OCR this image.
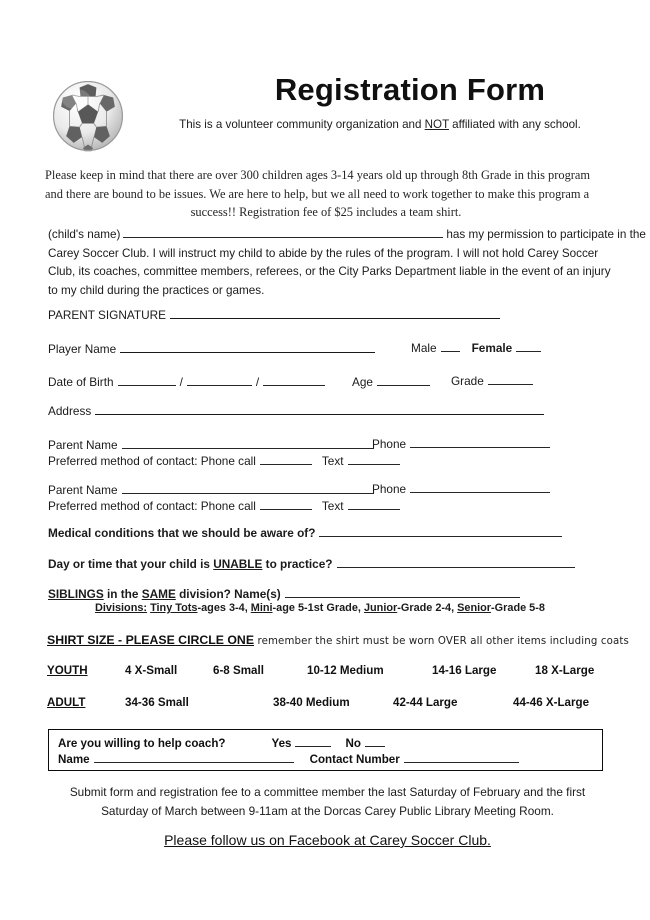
Registration Form
This is a volunteer community organization and NOT affiliated with any school.
Please keep in mind that there are over 300 children ages 3-14 years old up through 8th Grade in this program
and there are bound to be issues. We are here to help, but we all need to work together to make this program a
success!! Registration fee of $25 includes a team shirt.
(child's name)	has my permission to participate in the
Carey Soccer Club. I will instruct my child to abide by the rules of the program. I will not hold Carey Soccer
Club, its coaches, committee members, referees, or the City Parks Department liable in the event of an injury
to my child during the practices or games.
PARENT SIGNATURE
Player Name	Male	Female
Date of Birth	/	/	Age	Grade
Address
Parent Name	Phone
Preferred method of contact: Phone call	Text
Parent Name	Phone
Preferred method of contact: Phone call	Text
Medical conditions that we should be aware of?
Day or time that your child is UNABLE to practice?
SIBLINGS in the SAME division? Name(s)
Divisions: Tiny Tots-ages 3-4, Mini-age 5-1st Grade, Junior-Grade 2-4, Senior-Grade 5-8
SHIRT SIZE - PLEASE CIRCLE ONE remember the shirt must be worn OVER all other items including coats
YOUTH	4 X-Small	6-8 Small	10-12 Medium	14-16 Large	18 X-Large
ADULT	34-36 Small	38-40 Medium	42-44 Large	44-46 X-Large
Are you willing to help coach?	Yes	No
Name	Contact Number
Submit form and registration fee to a committee member the last Saturday of February and the first
Saturday of March between 9-11am at the Dorcas Carey Public Library Meeting Room.
Please follow us on Facebook at Carey Soccer Club.
